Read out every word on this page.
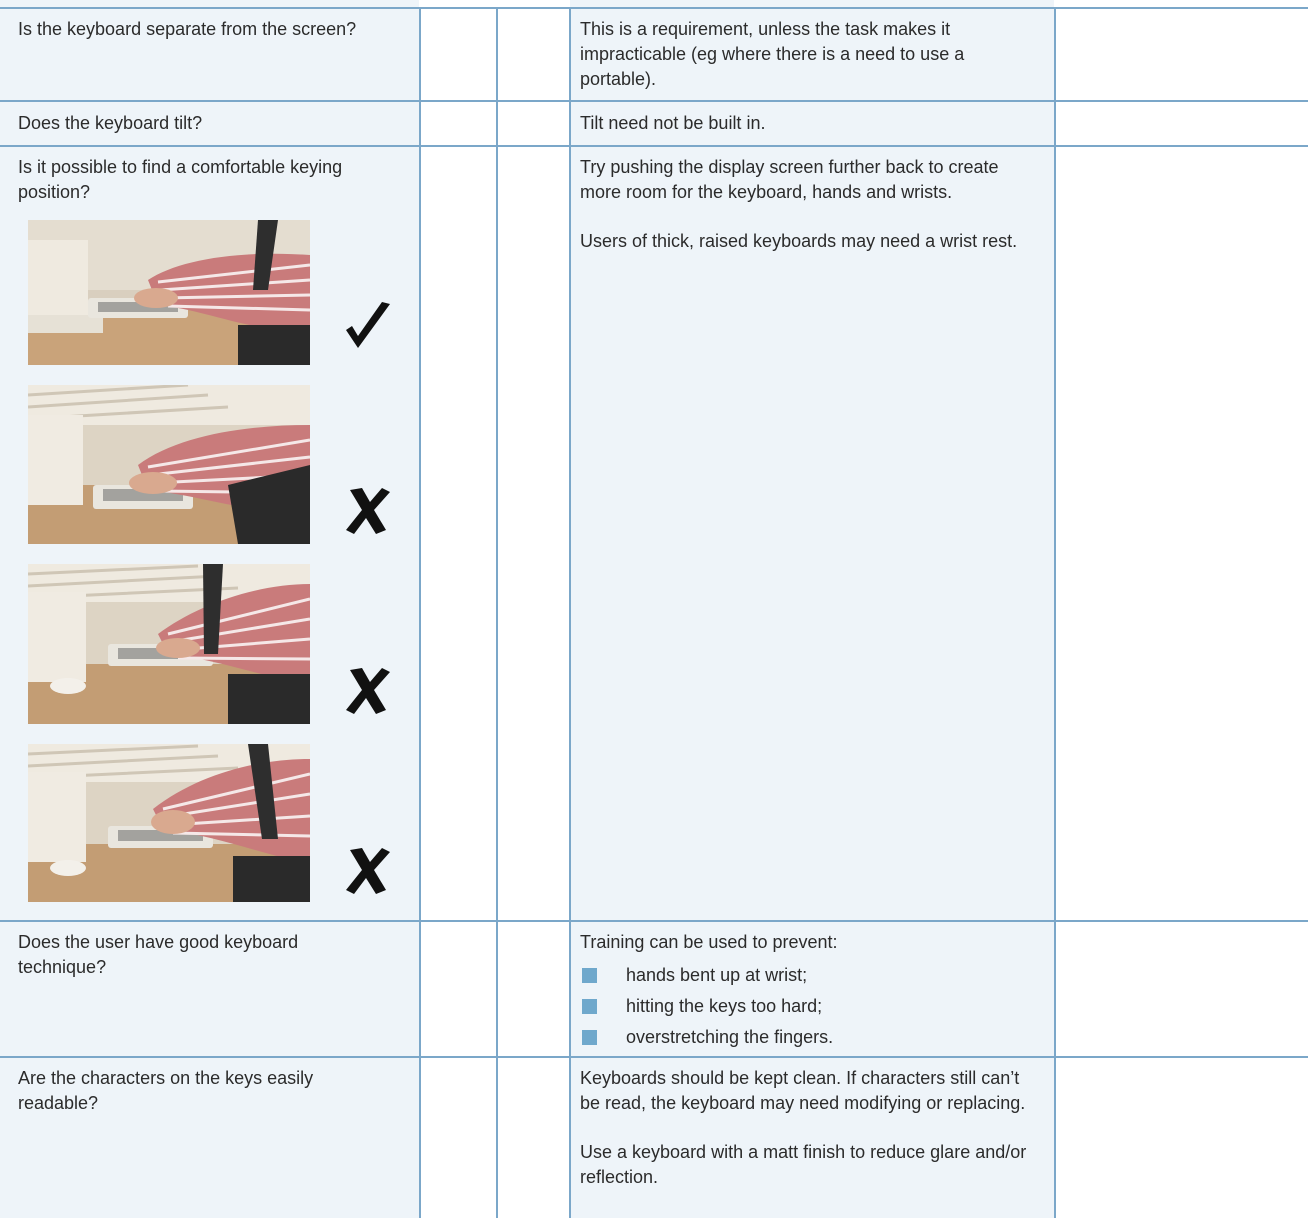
Is the keyboard separate from the screen?	This is a requirement, unless the task makes it impracticable (eg where there is a need to use a portable).
Does the keyboard tilt?	Tilt need not be built in.
Is it possible to find a comfortable keying position?
Try pushing the display screen further back to create more room for the keyboard, hands and wrists.
Users of thick, raised keyboards may need a wrist rest.
Does the user have good keyboard technique?
Training can be used to prevent:
hands bent up at wrist;
hitting the keys too hard;
overstretching the fingers.
Are the characters on the keys easily readable?
Keyboards should be kept clean. If characters still can’t be read, the keyboard may need modifying or replacing.
Use a keyboard with a matt finish to reduce glare and/or reflection.
